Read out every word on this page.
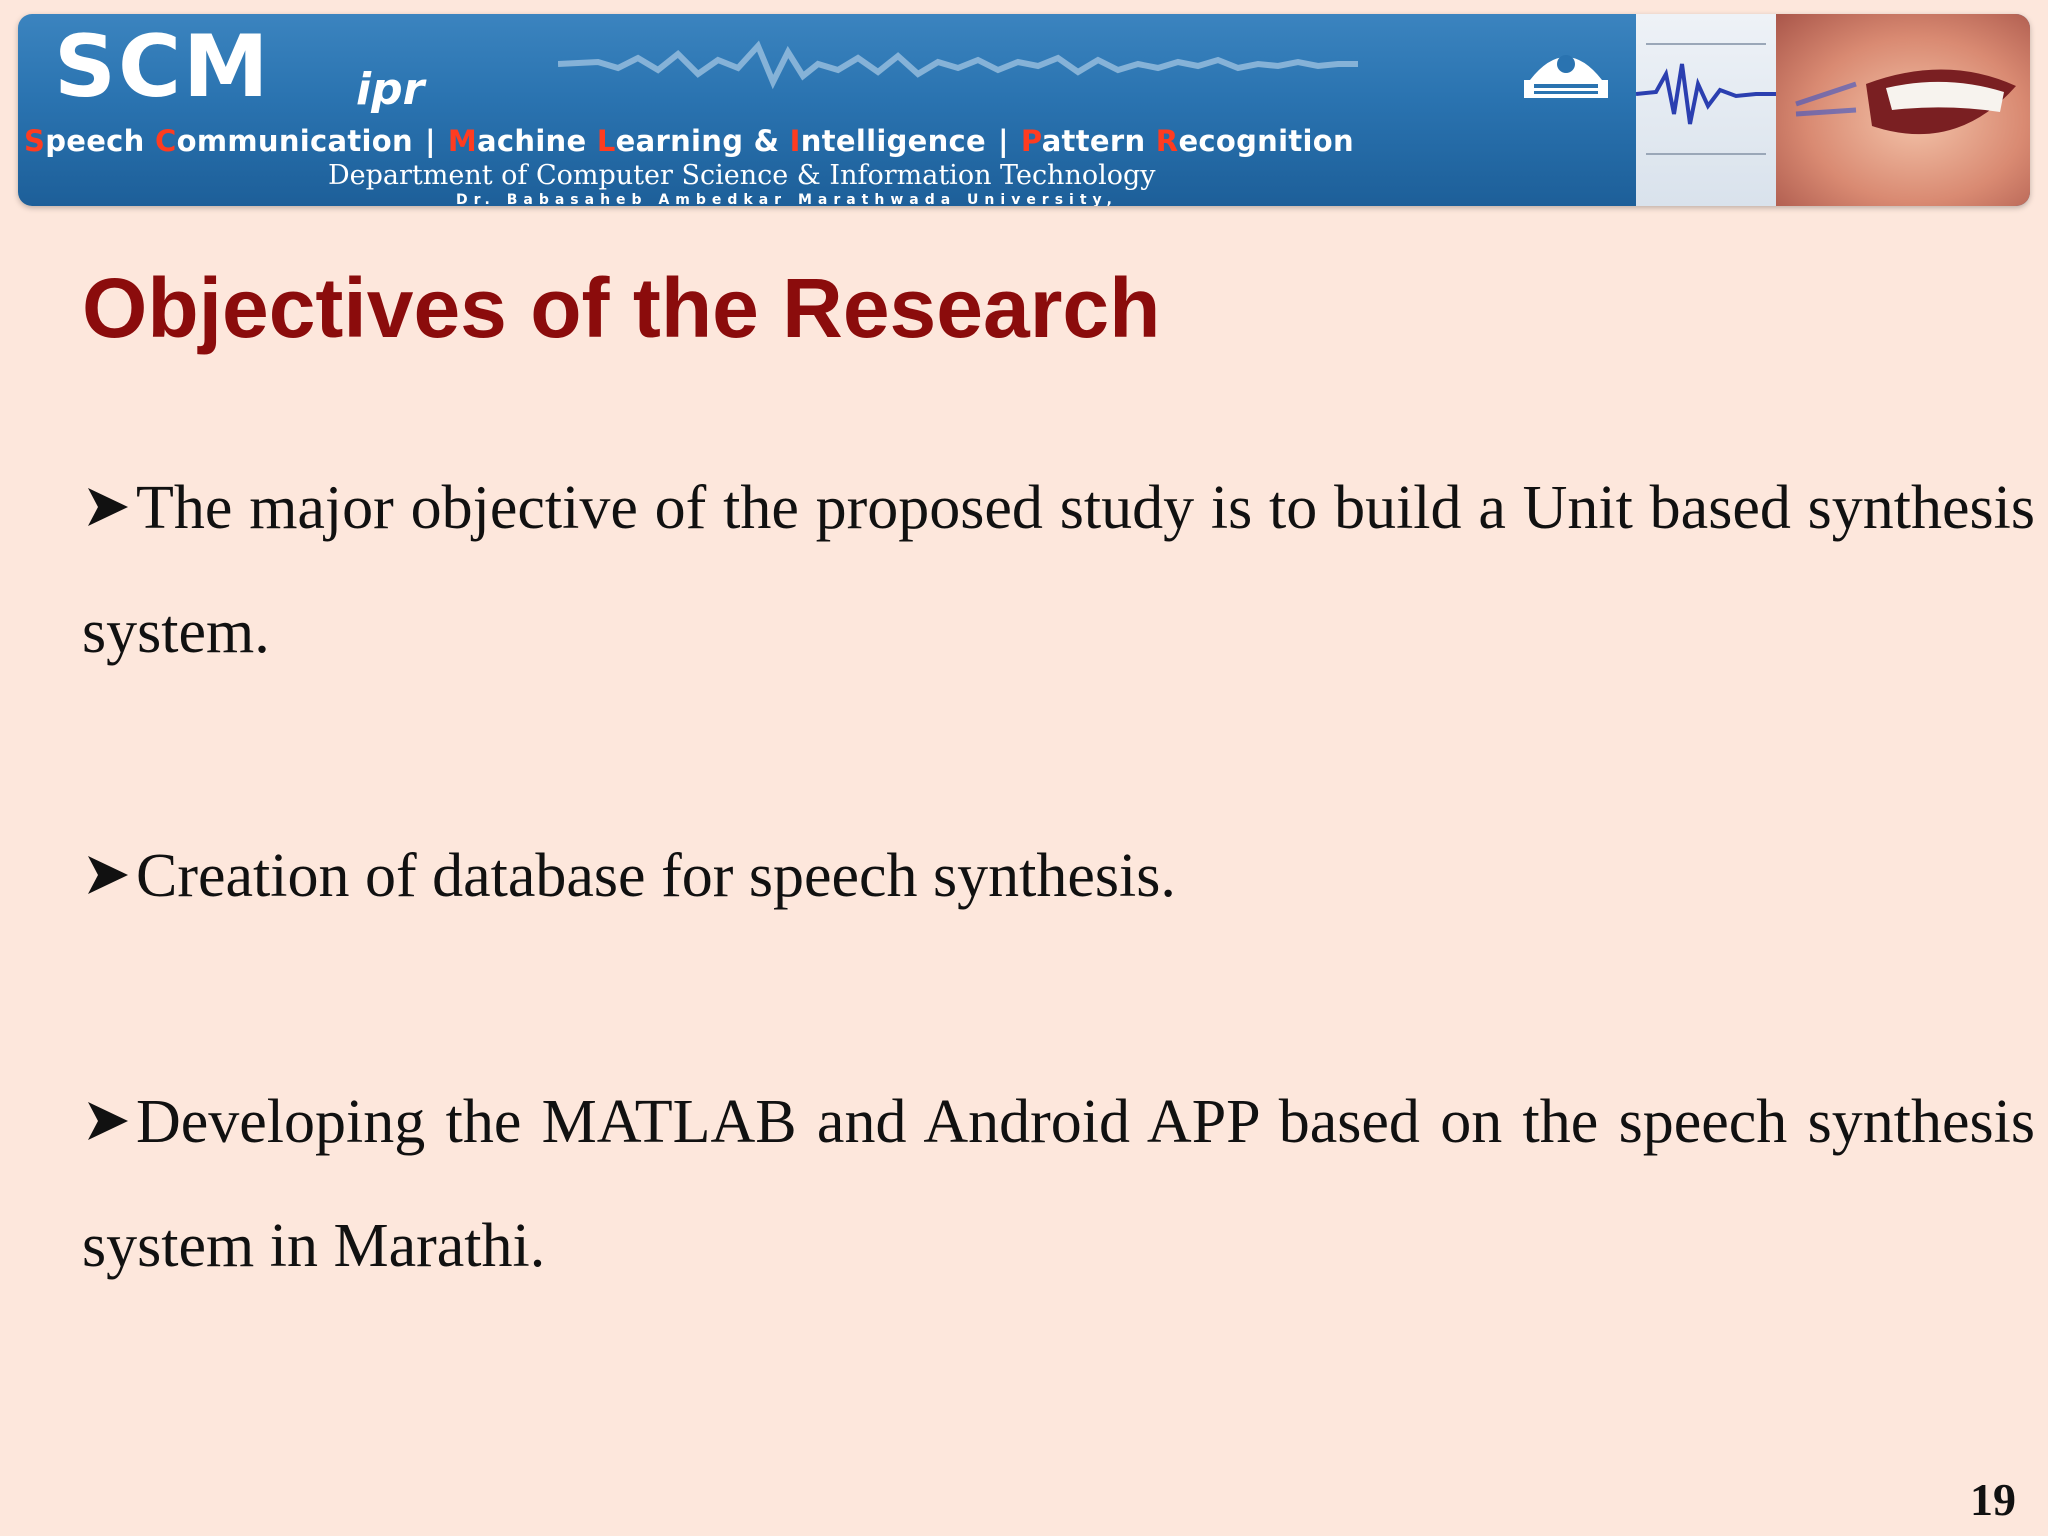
SCM ipr
Speech Communication | Machine Learning & Intelligence | Pattern Recognition
Department of Computer Science & Information Technology
Dr. Babasaheb Ambedkar Marathwada University,
Objectives of the Research
The major objective of the proposed study is to build a Unit based synthesis system.
Creation of database for speech synthesis.
Developing the MATLAB and Android APP based on the speech synthesis system in Marathi.
19
